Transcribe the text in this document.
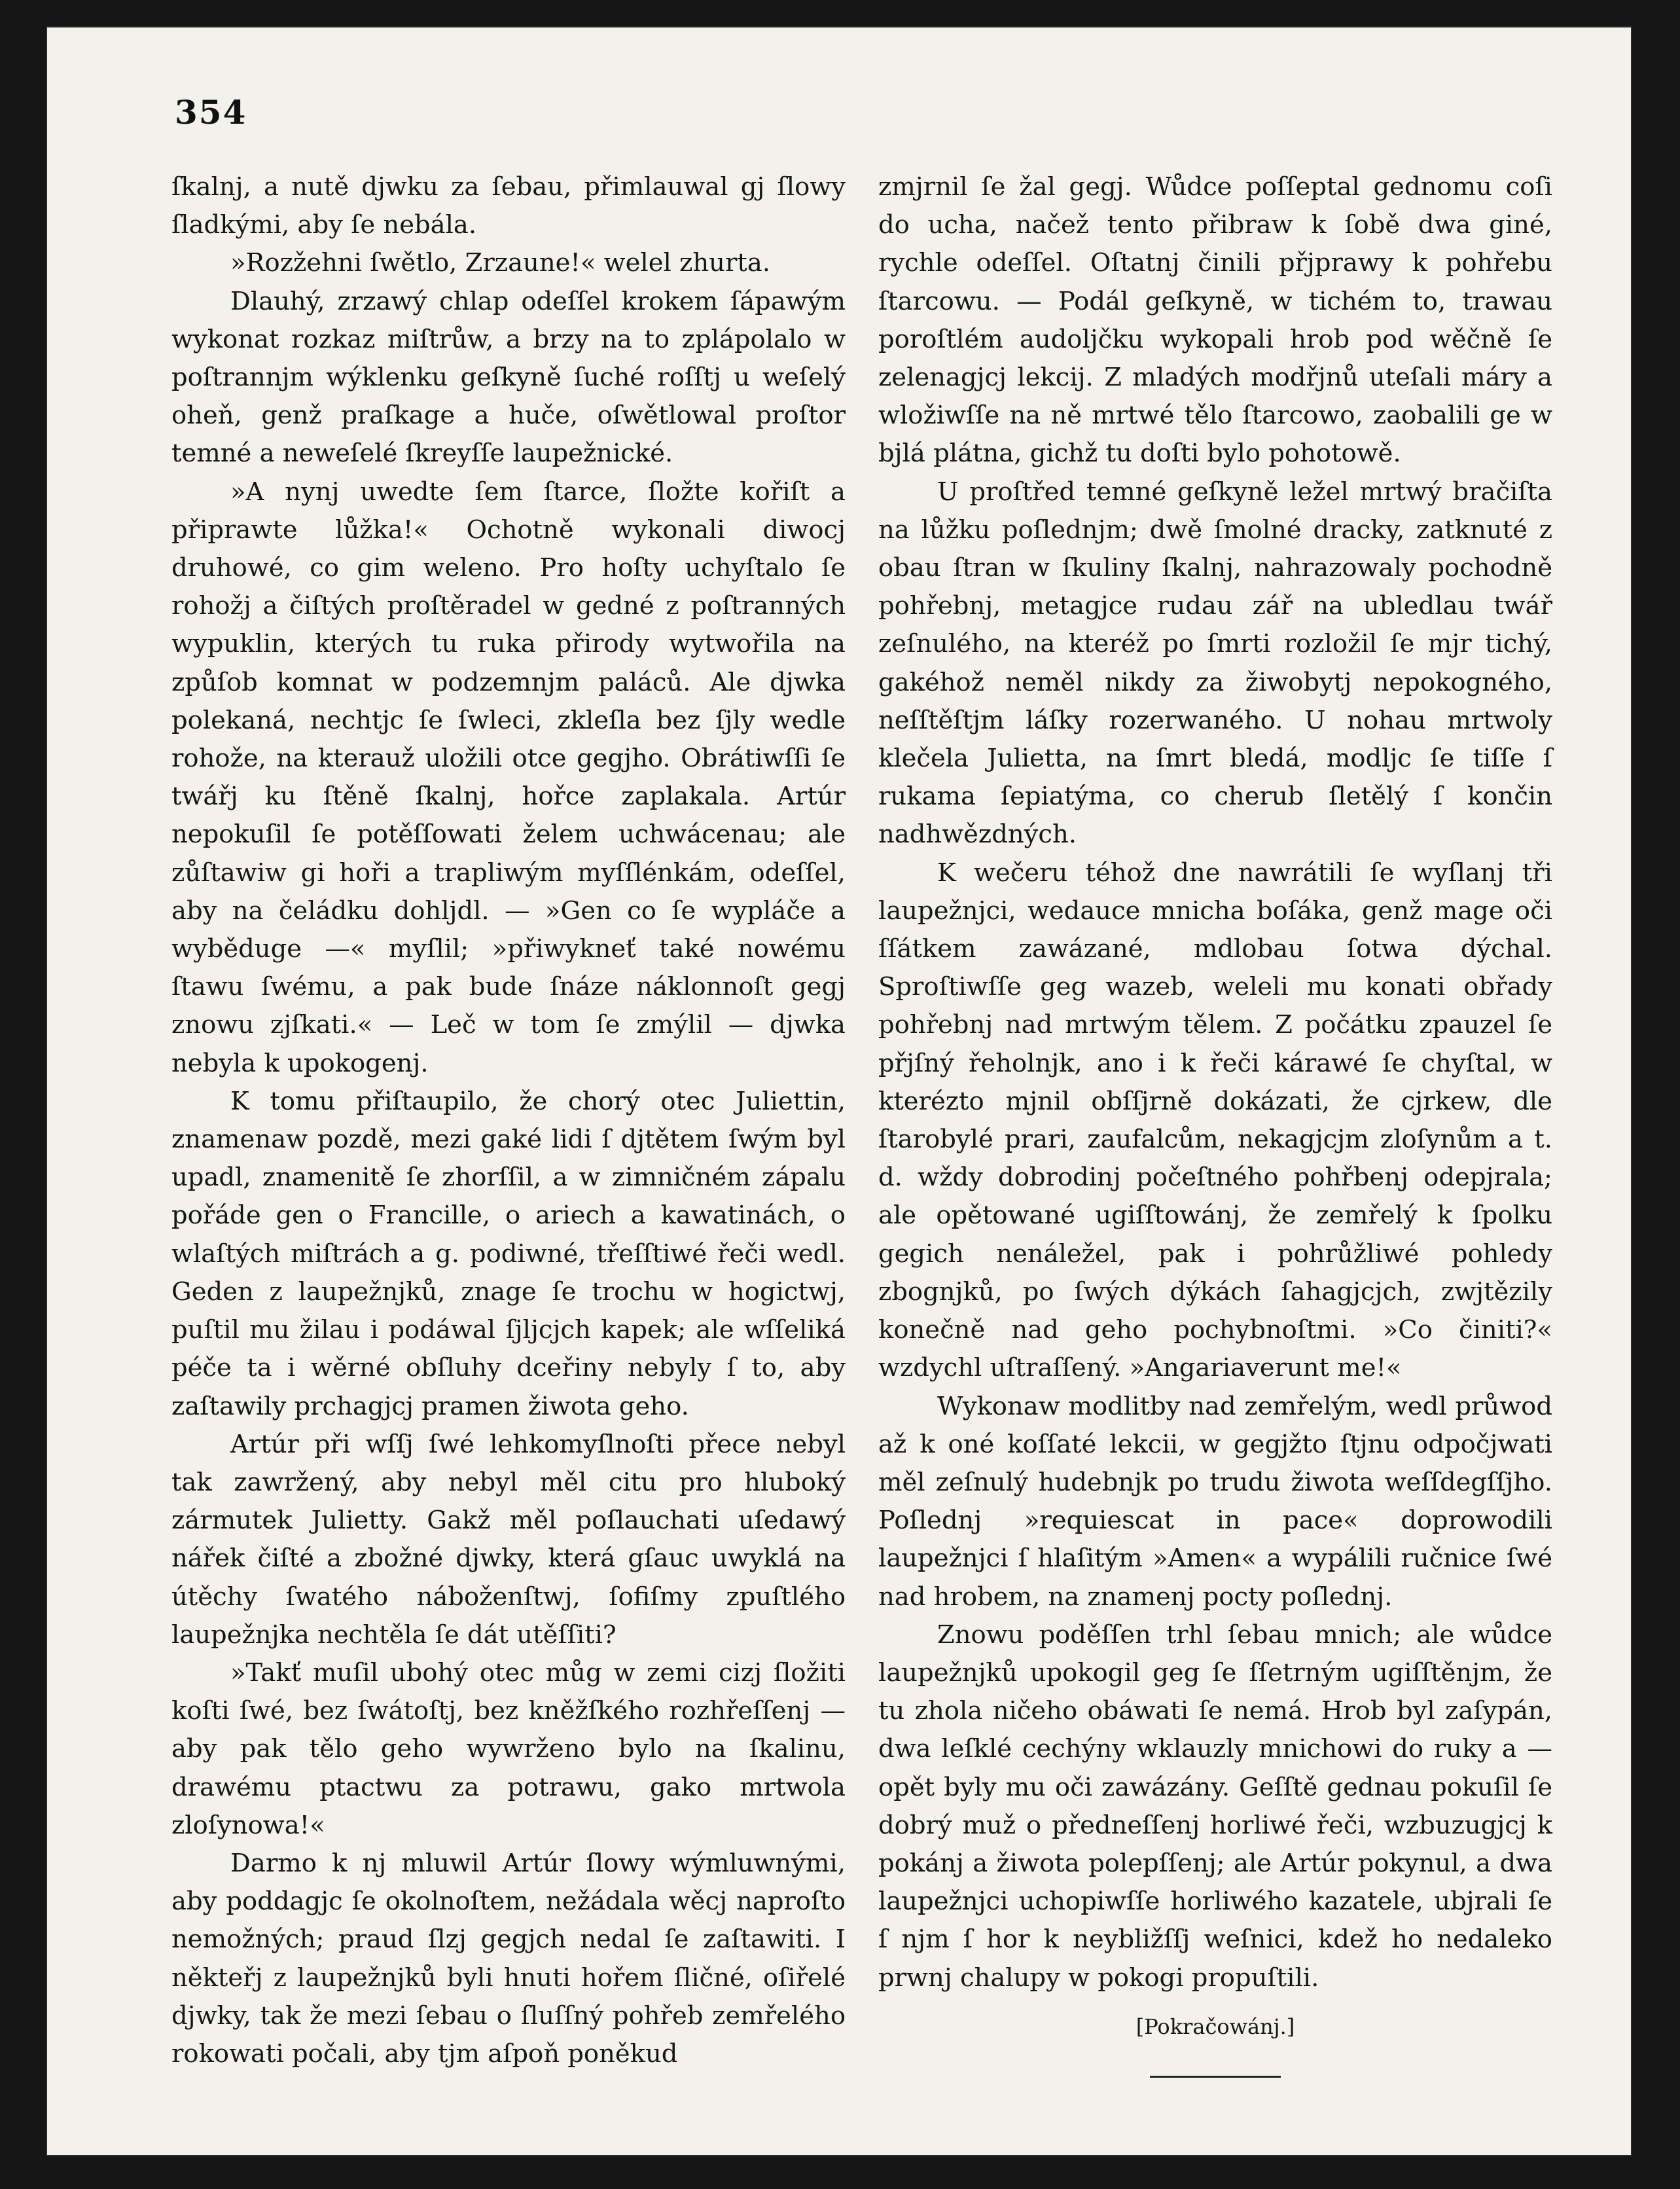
354

ſkalnj, a nutě djwku za ſebau, přimlauwal gj ſlowy ſladkými, aby ſe nebála.

»Rozžehni ſwětlo, Zrzaune!« welel zhurta.

Dlauhý, zrzawý chlap odeſſel krokem ſápawým wykonat rozkaz miſtrůw, a brzy na to zplápolalo w poſtrannjm wýklenku geſkyně ſuché roſſtj u weſelý oheň, genž praſkage a huče, oſwětlowal proſtor temné a neweſelé ſkrеyſſe laupežnické.

»A nynj uwedte ſem ſtarce, ſložte kořiſt a připrawte lůžka!« Ochotně wykonali diwocj druhowé, co gim weleno. Pro hoſty uchyſtalo ſe rohožj a čiſtých proſtěradel w gedné z poſtranných wypuklin, kterých tu ruka přirody wytwořila na způſob komnat w podzemnjm paláců. Ale djwka polekaná, nechtjc ſe ſwleci, zkleſla bez ſjly wedle rohože, na kterauž uložili otce gegjho. Obrátiwſſi ſe twářj ku ſtěně ſkalnj, hořce zaplakala. Artúr nepokuſil ſe potěſſowati želem uchwácenau; ale zůſtawiw gi hoři a trapliwým myſſlénkám, odeſſel, aby na čeládku dohljdl. — »Gen co ſe wypláče a wyběduge —« myſlil; »přiwykneť také nowému ſtawu ſwému, a pak bude ſnáze náklonnoſt gegj znowu zjſkati.« — Leč w tom ſe zmýlil — djwka nebyla k upokogenj.

K tomu přiſtaupilo, že chorý otec Juliettin, znamenaw pozdě, mezi gaké lidi ſ djtětem ſwým byl upadl, znamenitě ſe zhorſſil, a w zimničném zápalu pořáde gen o Francille, o ariech a kawatinách, o wlaſtých miſtrách a g. podiwné, třeſſtiwé řeči wedl. Geden z laupežnjků, znage ſe trochu w hogictwj, puſtil mu žilau i podáwal ſjljcjch kapek; ale wſſeliká péče ta i wěrné obſluhy dcеřiny nebyly ſ to, aby zaſtawily prchagjcj pramen žiwota geho.

Artúr při wſſj ſwé lehkomyſlnoſti přece nebyl tak zawržený, aby nebyl měl citu pro hluboký zármutek Julietty. Gakž měl poſlauchati uſedawý nářek čiſté a zbožné djwky, která gſauc uwyklá na útěchy ſwatého náboženſtwj, ſofiſmy zpuſtlého laupežnjka nechtěla ſe dát utěſſiti?

»Takť muſil ubohý otec můg w zemi cizj ſložiti koſti ſwé, bez ſwátoſtj, bez kněžſkého rozhřeſſenj — aby pak tělo geho wywrženo bylo na ſkalinu, drawému ptactwu za potrawu, gako mrtwola zloſynowa!«

Darmo k nj mluwil Artúr ſlowy wýmluwnými, aby poddagjc ſe okolnoſtem, nežádala wěcj naproſto nemožných; praud ſlzj gegjch nedal ſe zaſtawiti. I někteřj z laupežnjků byli hnuti hořem ſličné, oſiřelé djwky, tak že mezi ſebau o ſluſſný pohřeb zemřelého rokowati počali, aby tjm aſpoň poněkud

zmjrnil ſe žal gegj. Wůdce poſſeptal gednomu coſi do ucha, načež tento přibraw k ſobě dwa giné, rychle odeſſel. Oſtatnj činili přjprawy k pohřebu ſtarcowu. — Podál geſkyně, w tichém to, trawau poroſtlém audoljčku wykopali hrob pod wěčně ſe zelenagjcj lekcij. Z mladých modřjnů uteſali máry a wložiwſſe na ně mrtwé tělo ſtarcowo, zaobalili ge w bjlá plátna, gichž tu doſti bylo pohotowě.

U proſtřed temné geſkyně ležel mrtwý bračiſta na lůžku poſlednjm; dwě ſmolné dracky, zatknuté z obau ſtran w ſkuliny ſkalnj, nahrazowaly pochodně pohřebnj, metagjce rudau zář na ubledlau twář zeſnulého, na kteréž po ſmrti rozložil ſe mjr tichý, gakéhož neměl nikdy za žiwobytj nepokogného, neſſtěſtjm láſky rozerwaného. U nohau mrtwoly klečela Julietta, na ſmrt bledá, modljc ſe tiſſe ſ rukama ſepiatýma, co cherub ſletělý ſ končin nadhwězdných.

K wečeru téhož dne nawrátili ſe wyſlanj tři laupežnjci, wedauce mnicha boſáka, genž mage oči ſſátkem zawázané, mdlobau ſotwa dýchal. Sproſtiwſſe geg wazeb, weleli mu konati obřady pohřebnj nad mrtwým tělem. Z počátku zpauzel ſe přjſný řeholnjk, ano i k řeči kárawé ſe chyſtal, w kterézto mjnil obſſjrně dokázati, že cjrkew, dle ſtarobylé prari, zaufalcům, nekagjcjm zloſynům a t. d. wždy dobrodinj počeſtného pohřbenj odepjrala; ale opětowané ugiſſtowánj, že zemřelý k ſpolku gegich nenáležel, pak i pohrůžliwé pohledy zbognjků, po ſwých dýkách ſahagjcjch, zwjtězily konečně nad geho pochybnoſtmi. »Co činiti?« wzdychl uſtraſſený. »Angariaverunt me!«

Wykonaw modlitby nad zemřelým, wedl průwod až k oné koſſaté lekcii, w gegjžto ſtjnu odpočjwati měl zeſnulý hudebnjk po trudu žiwota weſſdegſſjho. Poſlednj »requiescat in pace« doprowodili laupežnjci ſ hlaſitým »Amen« a wypálili ručnice ſwé nad hrobem, na znamenj pocty poſlednj.

Znowu poděſſen trhl ſebau mnich; ale wůdce laupežnjků upokogil geg ſe ſſetrným ugiſſtěnjm, že tu zhola ničeho obáwati ſe nemá. Hrob byl zaſypán, dwa leſklé cechýny wklauzly mnichowi do ruky a — opět byly mu oči zawázány. Geſſtě gednau pokuſil ſe dobrý muž o předneſſenj horliwé řeči, wzbuzugjcj k pokánj a žiwota polepſſenj; ale Artúr pokynul, a dwa laupežnjci uchopiwſſe horliwého kazatele, ubjrali ſe ſ njm ſ hor k neybližſſj weſnici, kdež ho nedaleko prwnj chalupy w pokogi propuſtili.

[Pokračowánj.]
